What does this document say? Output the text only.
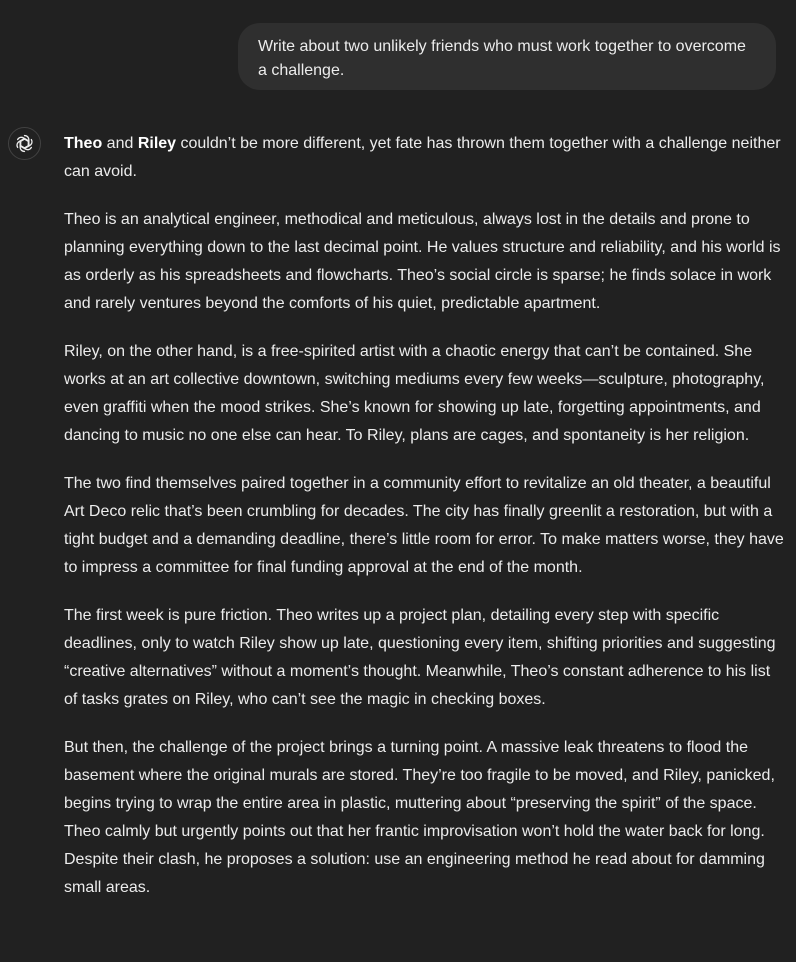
Write about two unlikely friends who must work together to overcome a challenge.

Theo and Riley couldn’t be more different, yet fate has thrown them together with a challenge neither can avoid.

Theo is an analytical engineer, methodical and meticulous, always lost in the details and prone to planning everything down to the last decimal point. He values structure and reliability, and his world is as orderly as his spreadsheets and flowcharts. Theo’s social circle is sparse; he finds solace in work and rarely ventures beyond the comforts of his quiet, predictable apartment.

Riley, on the other hand, is a free-spirited artist with a chaotic energy that can’t be contained. She works at an art collective downtown, switching mediums every few weeks—sculpture, photography, even graffiti when the mood strikes. She’s known for showing up late, forgetting appointments, and dancing to music no one else can hear. To Riley, plans are cages, and spontaneity is her religion.

The two find themselves paired together in a community effort to revitalize an old theater, a beautiful Art Deco relic that’s been crumbling for decades. The city has finally greenlit a restoration, but with a tight budget and a demanding deadline, there’s little room for error. To make matters worse, they have to impress a committee for final funding approval at the end of the month.

The first week is pure friction. Theo writes up a project plan, detailing every step with specific deadlines, only to watch Riley show up late, questioning every item, shifting priorities and suggesting “creative alternatives” without a moment’s thought. Meanwhile, Theo’s constant adherence to his list of tasks grates on Riley, who can’t see the magic in checking boxes.

But then, the challenge of the project brings a turning point. A massive leak threatens to flood the basement where the original murals are stored. They’re too fragile to be moved, and Riley, panicked, begins trying to wrap the entire area in plastic, muttering about “preserving the spirit” of the space. Theo calmly but urgently points out that her frantic improvisation won’t hold the water back for long. Despite their clash, he proposes a solution: use an engineering method he read about for damming small areas.
